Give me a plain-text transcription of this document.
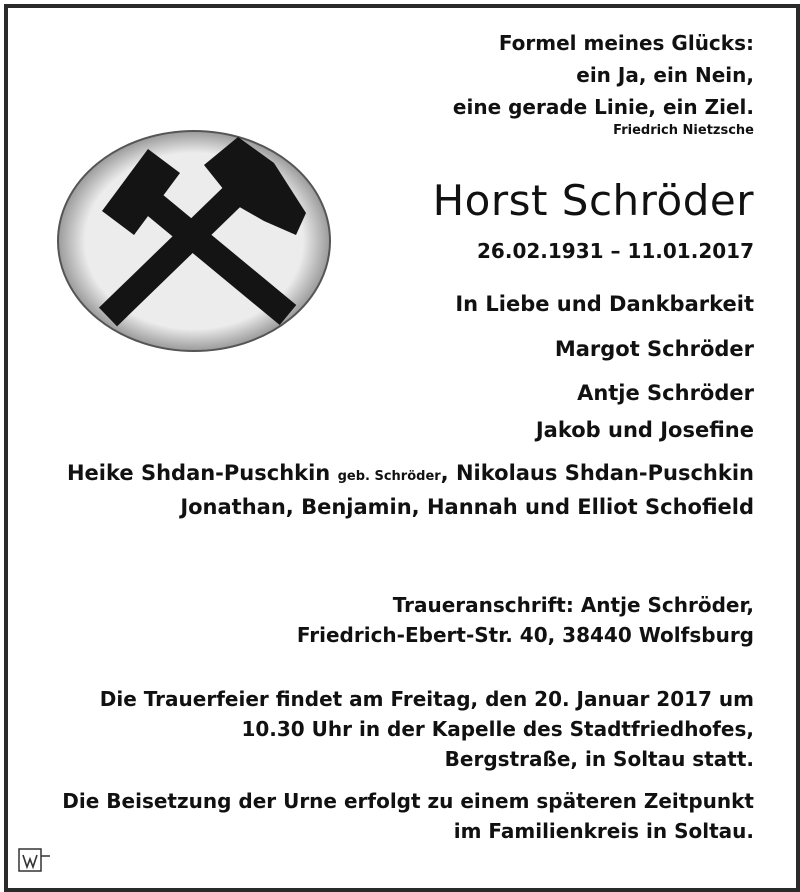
Formel meines Glücks:
ein Ja, ein Nein,
eine gerade Linie, ein Ziel.
Friedrich Nietzsche
Horst Schröder
26.02.1931 – 11.01.2017
In Liebe und Dankbarkeit
Margot Schröder
Antje Schröder
Jakob und Josefine
Heike Shdan-Puschkin geb. Schröder, Nikolaus Shdan-Puschkin
Jonathan, Benjamin, Hannah und Elliot Schofield
Traueranschrift: Antje Schröder,
Friedrich-Ebert-Str. 40, 38440 Wolfsburg
Die Trauerfeier findet am Freitag, den 20. Januar 2017 um
10.30 Uhr in der Kapelle des Stadtfriedhofes,
Bergstraße, in Soltau statt.
Die Beisetzung der Urne erfolgt zu einem späteren Zeitpunkt
im Familienkreis in Soltau.
